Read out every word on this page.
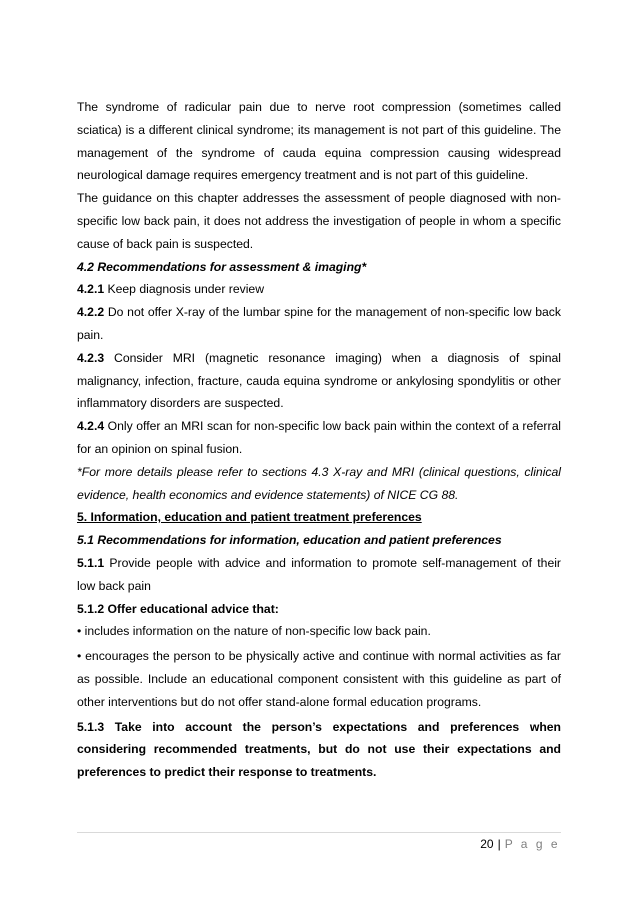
The syndrome of radicular pain due to nerve root compression (sometimes called sciatica) is a different clinical syndrome; its management is not part of this guideline. The management of the syndrome of cauda equina compression causing widespread neurological damage requires emergency treatment and is not part of this guideline.

The guidance on this chapter addresses the assessment of people diagnosed with non-specific low back pain, it does not address the investigation of people in whom a specific cause of back pain is suspected.

4.2 Recommendations for assessment & imaging*

4.2.1 Keep diagnosis under review

4.2.2 Do not offer X-ray of the lumbar spine for the management of non-specific low back pain.

4.2.3 Consider MRI (magnetic resonance imaging) when a diagnosis of spinal malignancy, infection, fracture, cauda equina syndrome or ankylosing spondylitis or other inflammatory disorders are suspected.

4.2.4 Only offer an MRI scan for non-specific low back pain within the context of a referral for an opinion on spinal fusion.

*For more details please refer to sections 4.3 X-ray and MRI (clinical questions, clinical evidence, health economics and evidence statements) of NICE CG 88.

5. Information, education and patient treatment preferences

5.1 Recommendations for information, education and patient preferences

5.1.1 Provide people with advice and information to promote self-management of their low back pain

5.1.2 Offer educational advice that:

• includes information on the nature of non-specific low back pain.

• encourages the person to be physically active and continue with normal activities as far as possible. Include an educational component consistent with this guideline as part of other interventions but do not offer stand-alone formal education programs.

5.1.3 Take into account the person’s expectations and preferences when considering recommended treatments, but do not use their expectations and preferences to predict their response to treatments.

20 | P a g e
